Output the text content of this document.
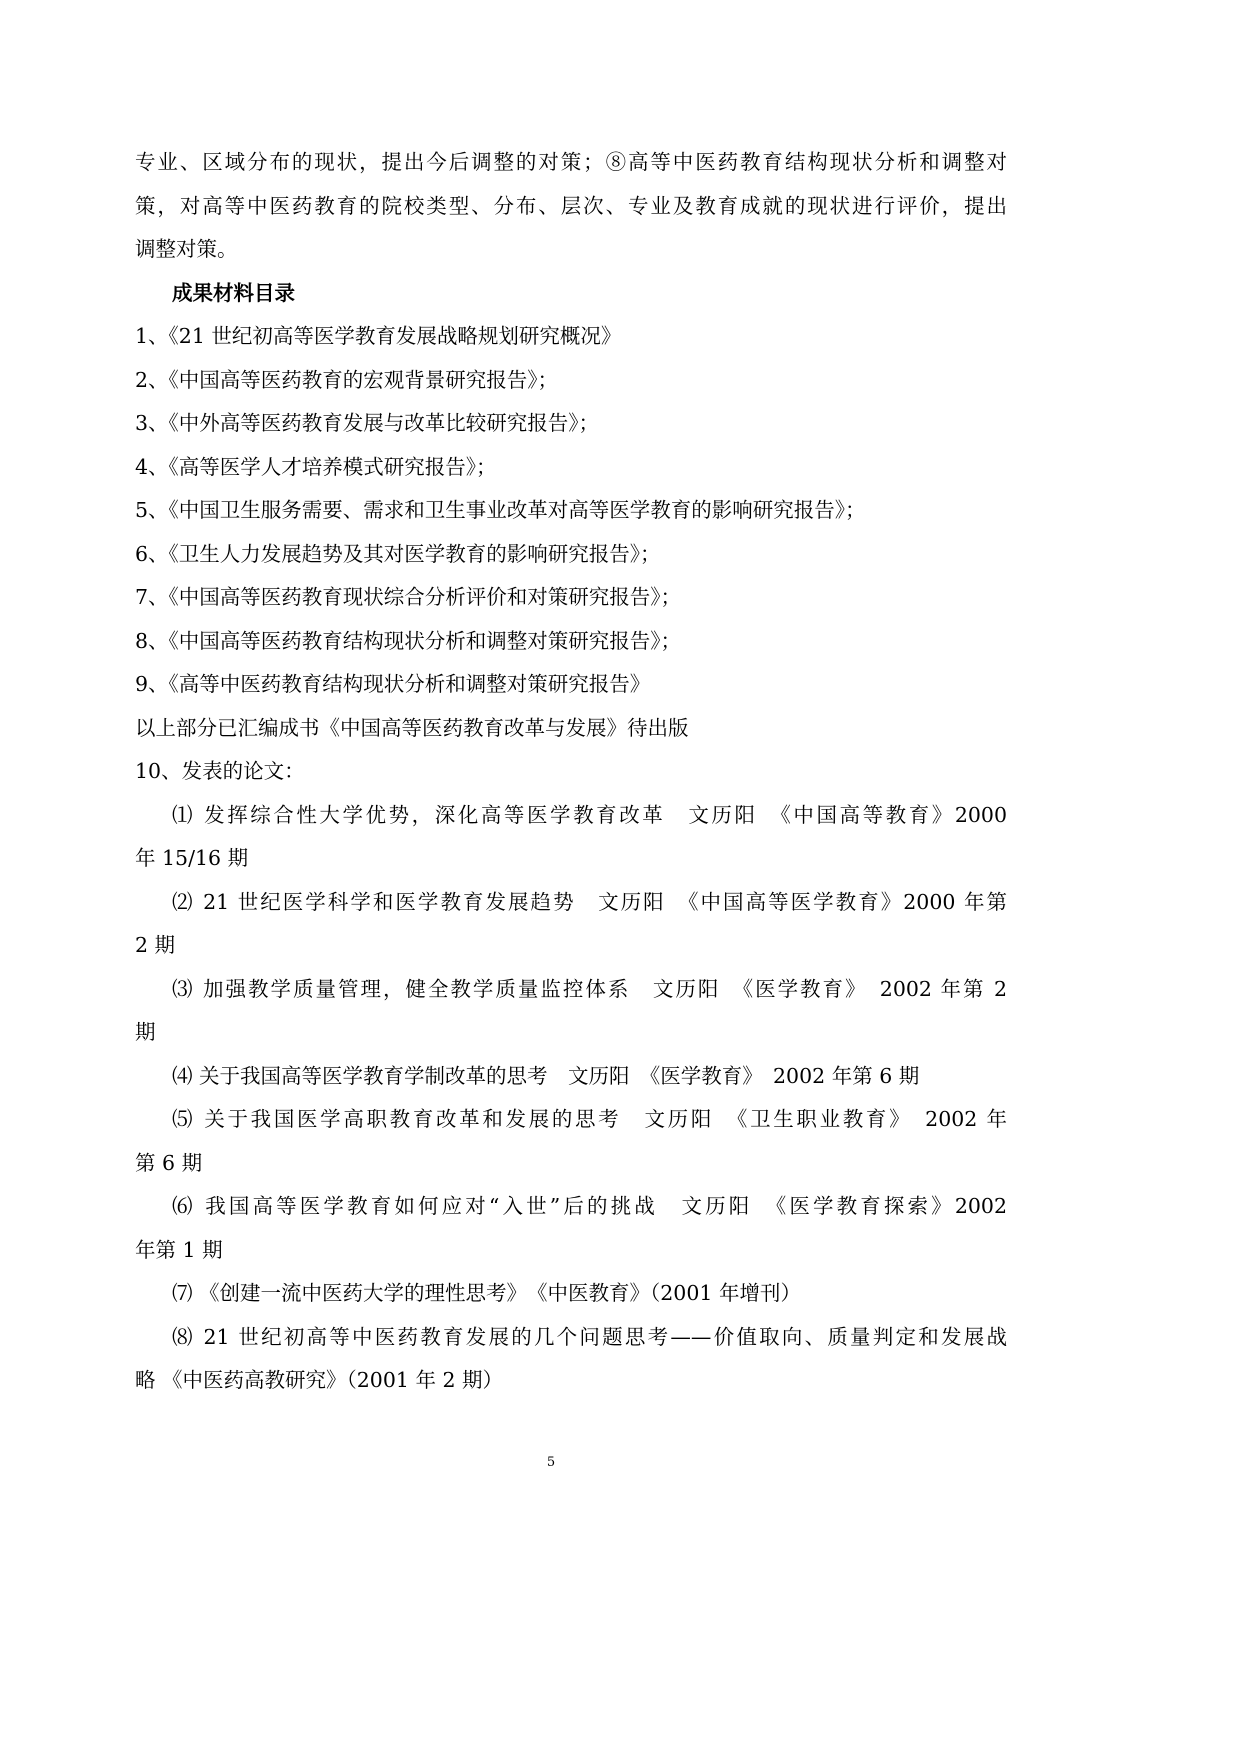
专业、区域分布的现状，提出今后调整的对策；⑧高等中医药教育结构现状分析和调整对
策，对高等中医药教育的院校类型、分布、层次、专业及教育成就的现状进行评价，提出
调整对策。
成果材料目录
1、《21 世纪初高等医学教育发展战略规划研究概况》
2、《中国高等医药教育的宏观背景研究报告》；
3、《中外高等医药教育发展与改革比较研究报告》；
4、《高等医学人才培养模式研究报告》；
5、《中国卫生服务需要、需求和卫生事业改革对高等医学教育的影响研究报告》；
6、《卫生人力发展趋势及其对医学教育的影响研究报告》；
7、《中国高等医药教育现状综合分析评价和对策研究报告》；
8、《中国高等医药教育结构现状分析和调整对策研究报告》；
9、《高等中医药教育结构现状分析和调整对策研究报告》
以上部分已汇编成书《中国高等医药教育改革与发展》待出版
10、发表的论文：
⑴ 发挥综合性大学优势，深化高等医学教育改革　文历阳　《中国高等教育》2000
年 15/16 期
⑵ 21 世纪医学科学和医学教育发展趋势　文历阳　《中国高等医学教育》2000 年第
2 期
⑶ 加强教学质量管理，健全教学质量监控体系　文历阳　《医学教育》　2002 年第 2
期
⑷ 关于我国高等医学教育学制改革的思考　文历阳　《医学教育》　2002 年第 6 期
⑸ 关于我国医学高职教育改革和发展的思考　文历阳　《卫生职业教育》　2002 年
第 6 期
⑹ 我国高等医学教育如何应对“入世”后的挑战　文历阳　《医学教育探索》2002
年第 1 期
⑺ 《创建一流中医药大学的理性思考》　《中医教育》（2001 年增刊）
⑻ 21 世纪初高等中医药教育发展的几个问题思考——价值取向、质量判定和发展战
略 《中医药高教研究》（2001 年 2 期）
5
